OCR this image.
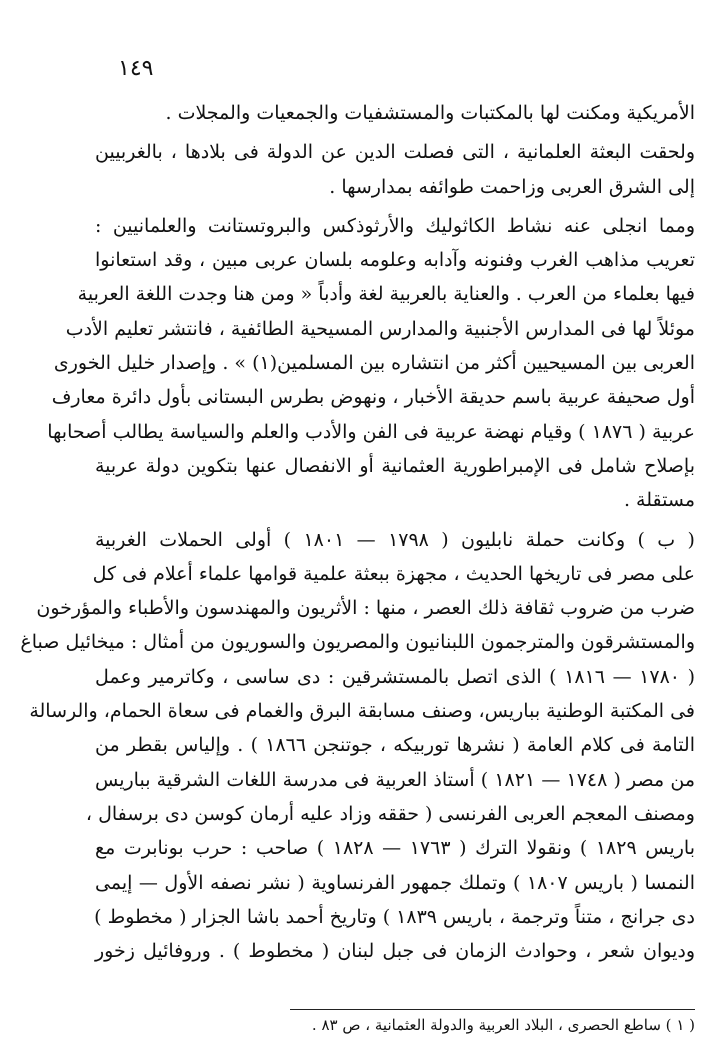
١٤٩
الأمريكية ومكنت لها بالمكتبات والمستشفيات والجمعيات والمجلات .
ولحقت البعثة العلمانية ، التى فصلت الدين عن الدولة فى بلادها ، بالغربيين
إلى الشرق العربى وزاحمت طوائفه بمدارسها .
ومما انجلى عنه نشاط الكاثوليك والأرثوذكس والبروتستانت والعلمانيين :
تعريب مذاهب الغرب وفنونه وآدابه وعلومه بلسان عربى مبين ، وقد استعانوا
فيها بعلماء من العرب . والعناية بالعربية لغة وأدباً « ومن هنا وجدت اللغة العربية
موئلاً لها فى المدارس الأجنبية والمدارس المسيحية الطائفية ، فانتشر تعليم الأدب
العربى بين المسيحيين أكثر من انتشاره بين المسلمين(١) » . وإصدار خليل الخورى
أول صحيفة عربية باسم حديقة الأخبار ، ونهوض بطرس البستانى بأول دائرة معارف
عربية ( ١٨٧٦ ) وقيام نهضة عربية فى الفن والأدب والعلم والسياسة يطالب أصحابها
بإصلاح شامل فى الإمبراطورية العثمانية أو الانفصال عنها بتكوين دولة عربية
مستقلة .
( ب ) وكانت حملة نابليون ( ١٧٩٨ — ١٨٠١ ) أولى الحملات الغربية
على مصر فى تاريخها الحديث ، مجهزة ببعثة علمية قوامها علماء أعلام فى كل
ضرب من ضروب ثقافة ذلك العصر ، منها : الأثريون والمهندسون والأطباء والمؤرخون
والمستشرقون والمترجمون اللبنانيون والمصريون والسوريون من أمثال : ميخائيل صباغ
( ١٧٨٠ — ١٨١٦ ) الذى اتصل بالمستشرقين : دى ساسى ، وكاترمير وعمل
فى المكتبة الوطنية بباريس، وصنف مسابقة البرق والغمام فى سعاة الحمام، والرسالة
التامة فى كلام العامة ( نشرها توربيكه ، جوتنجن ١٨٦٦ ) . وإلياس بقطر من
من مصر ( ١٧٤٨ — ١٨٢١ ) أستاذ العربية فى مدرسة اللغات الشرقية بباريس
ومصنف المعجم العربى الفرنسى ( حققه وزاد عليه أرمان كوسن دى برسفال ،
باريس ١٨٢٩ ) ونقولا الترك ( ١٧٦٣ — ١٨٢٨ ) صاحب : حرب بونابرت مع
النمسا ( باريس ١٨٠٧ ) وتملك جمهور الفرنساوية ( نشر نصفه الأول — إيمى
دى جرانج ، متناً وترجمة ، باريس ١٨٣٩ ) وتاريخ أحمد باشا الجزار ( مخطوط )
وديوان شعر ، وحوادث الزمان فى جبل لبنان ( مخطوط ) . وروفائيل زخور
( ١ ) ساطع الحصرى ، البلاد العربية والدولة العثمانية ، ص ٨٣ .
